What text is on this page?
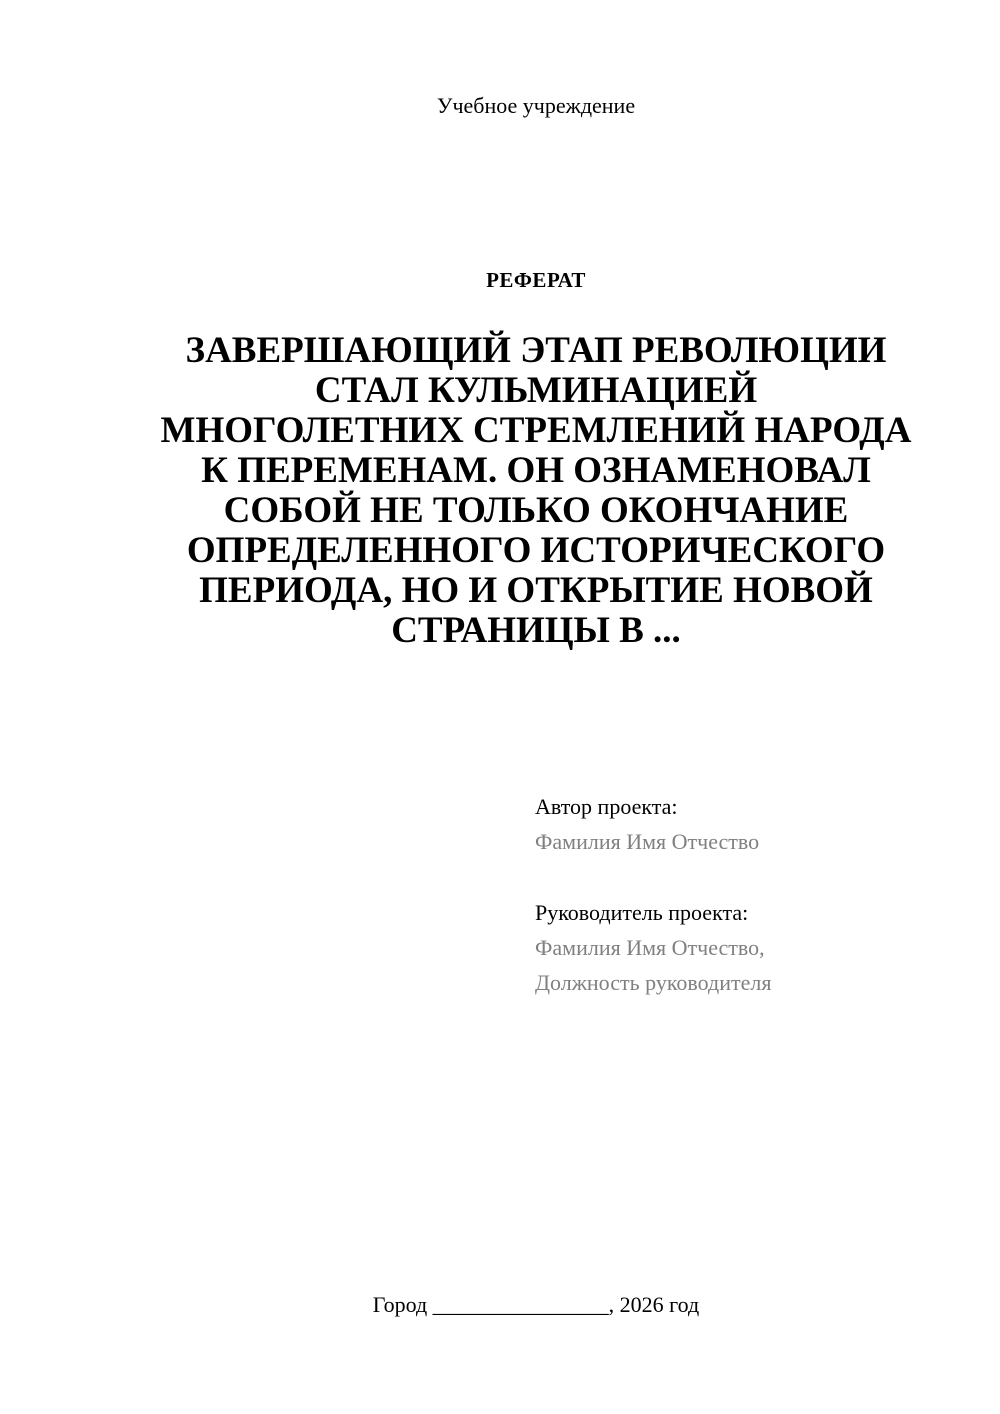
Учебное учреждение
РЕФЕРАТ
ЗАВЕРШАЮЩИЙ ЭТАП РЕВОЛЮЦИИ СТАЛ КУЛЬМИНАЦИЕЙ МНОГОЛЕТНИХ СТРЕМЛЕНИЙ НАРОДА К ПЕРЕМЕНАМ. ОН ОЗНАМЕНОВАЛ СОБОЙ НЕ ТОЛЬКО ОКОНЧАНИЕ ОПРЕДЕЛЕННОГО ИСТОРИЧЕСКОГО ПЕРИОДА, НО И ОТКРЫТИЕ НОВОЙ СТРАНИЦЫ В ...
Автор проекта:
Фамилия Имя Отчество
Руководитель проекта:
Фамилия Имя Отчество,
Должность руководителя
Город ________________, 2026 год
